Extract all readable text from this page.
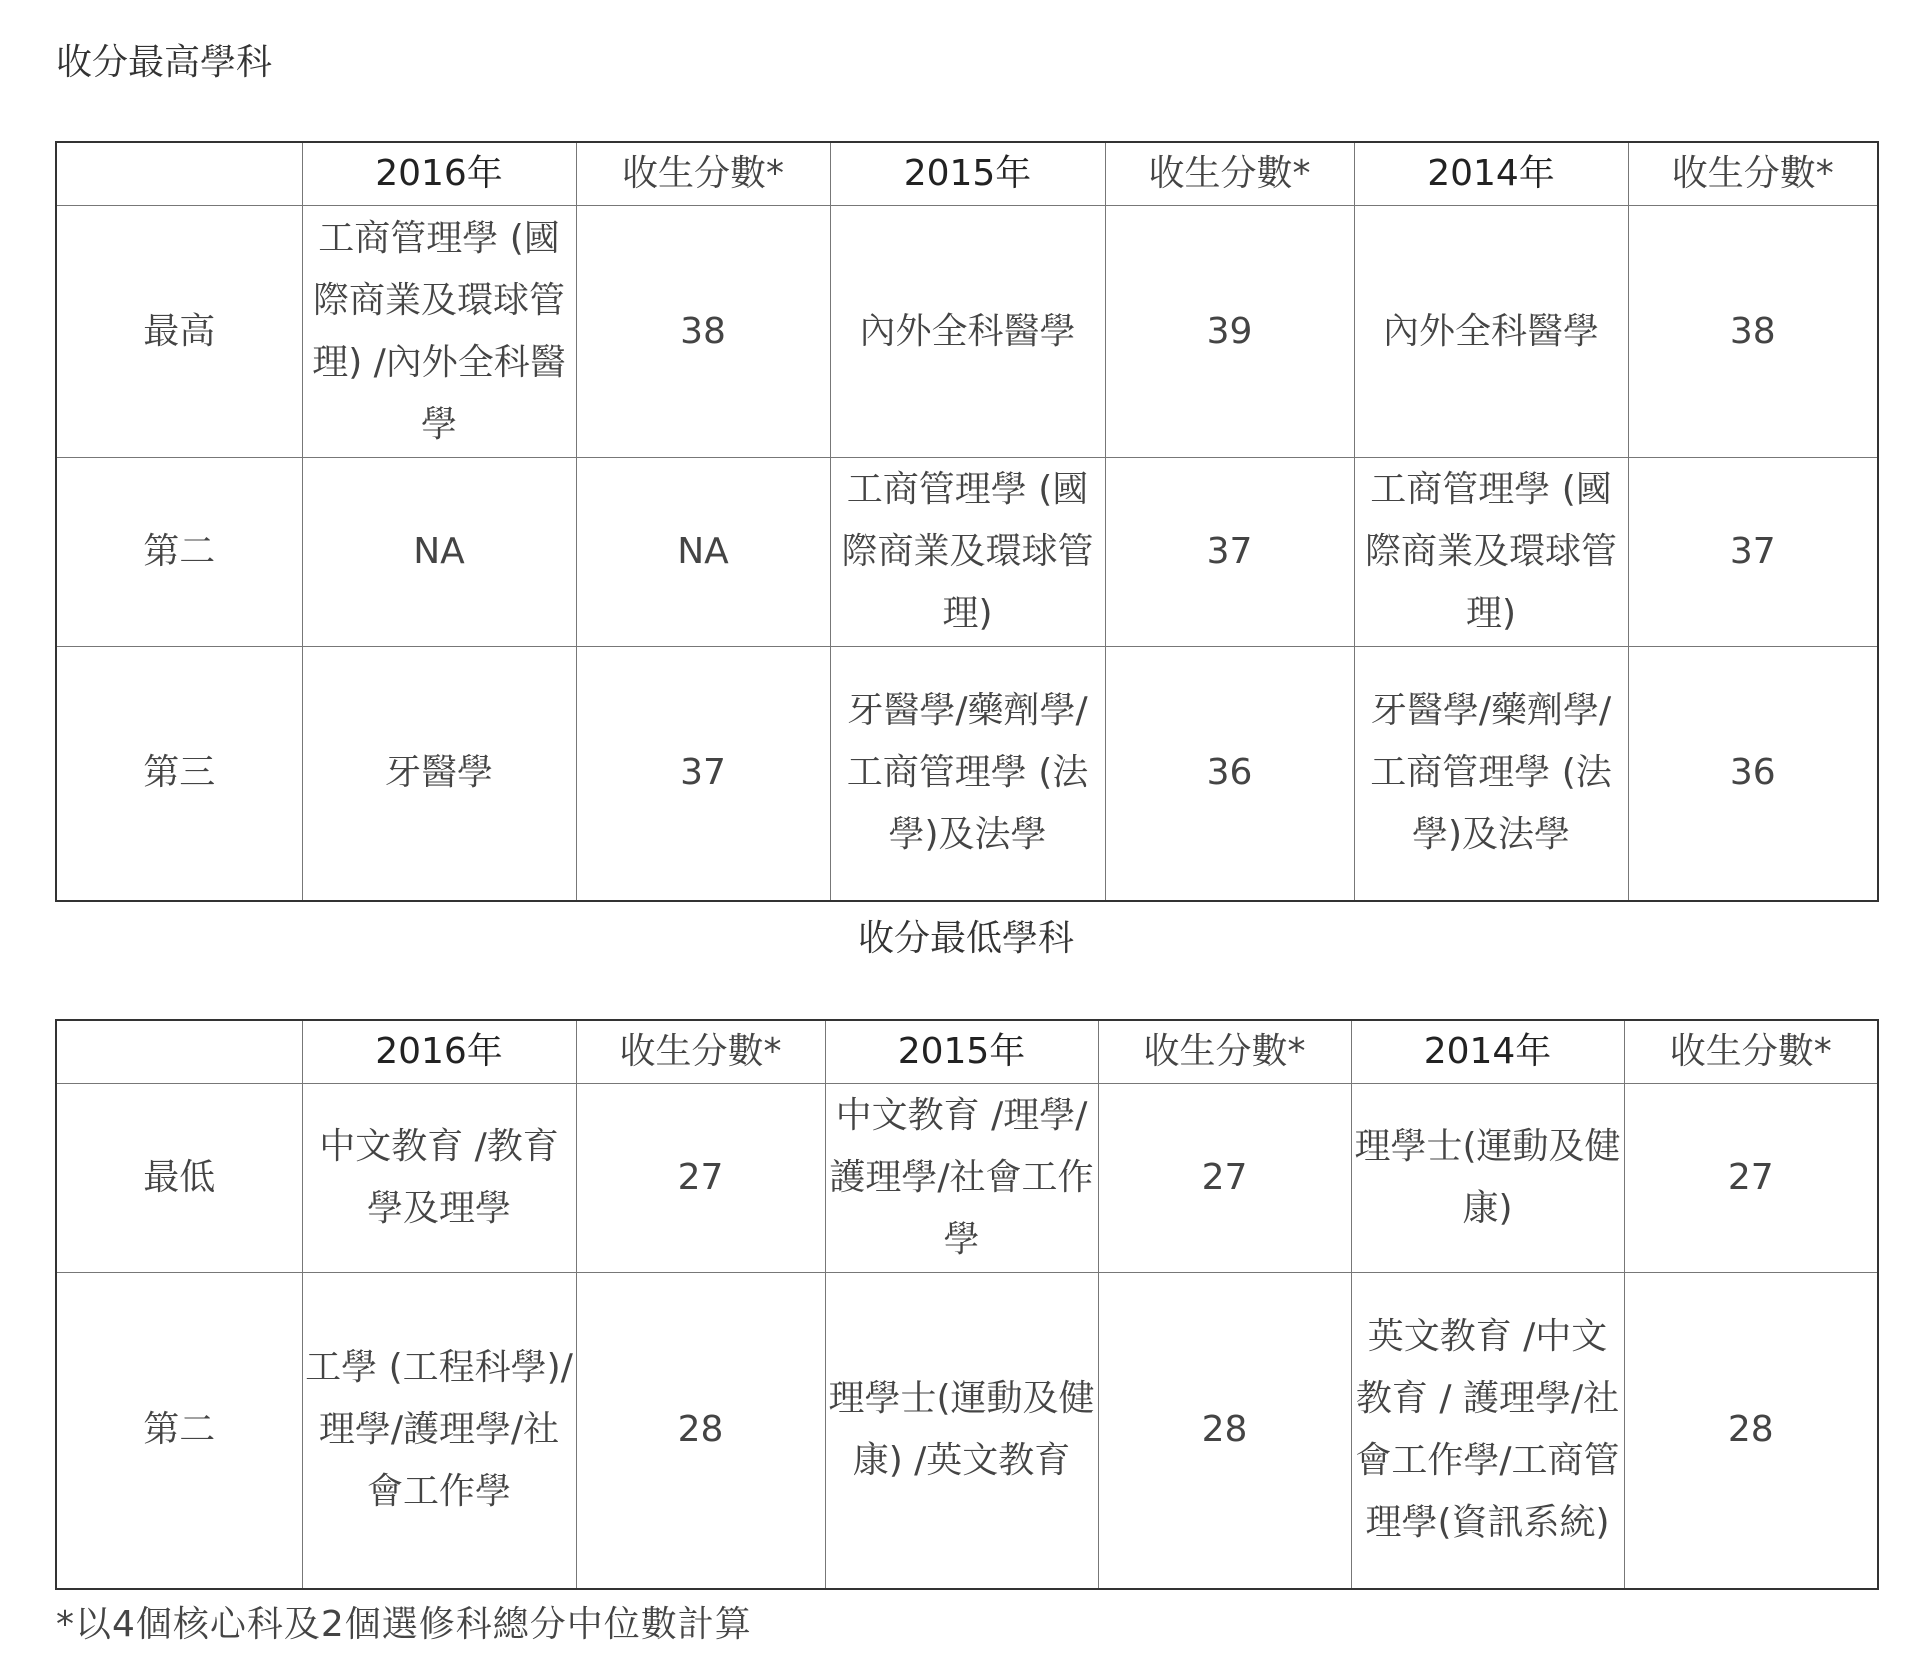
收分最高學科
	2016年	收生分數*	2015年	收生分數*	2014年	收生分數*
最高	工商管理學 (國際商業及環球管理) /內外全科醫學	38	內外全科醫學	39	內外全科醫學	38
第二	NA	NA	工商管理學 (國際商業及環球管理)	37	工商管理學 (國際商業及環球管理)	37
第三	牙醫學	37	牙醫學/藥劑學/工商管理學 (法學)及法學	36	牙醫學/藥劑學/工商管理學 (法學)及法學	36
收分最低學科
	2016年	收生分數*	2015年	收生分數*	2014年	收生分數*
最低	中文教育 /教育學及理學	27	中文教育 /理學/護理學/社會工作學	27	理學士(運動及健康)	27
第二	工學 (工程科學)/ 理學/護理學/社會工作學	28	理學士(運動及健康) /英文教育	28	英文教育 /中文教育 / 護理學/社會工作學/工商管理學(資訊系統)	28
*以4個核心科及2個選修科總分中位數計算
